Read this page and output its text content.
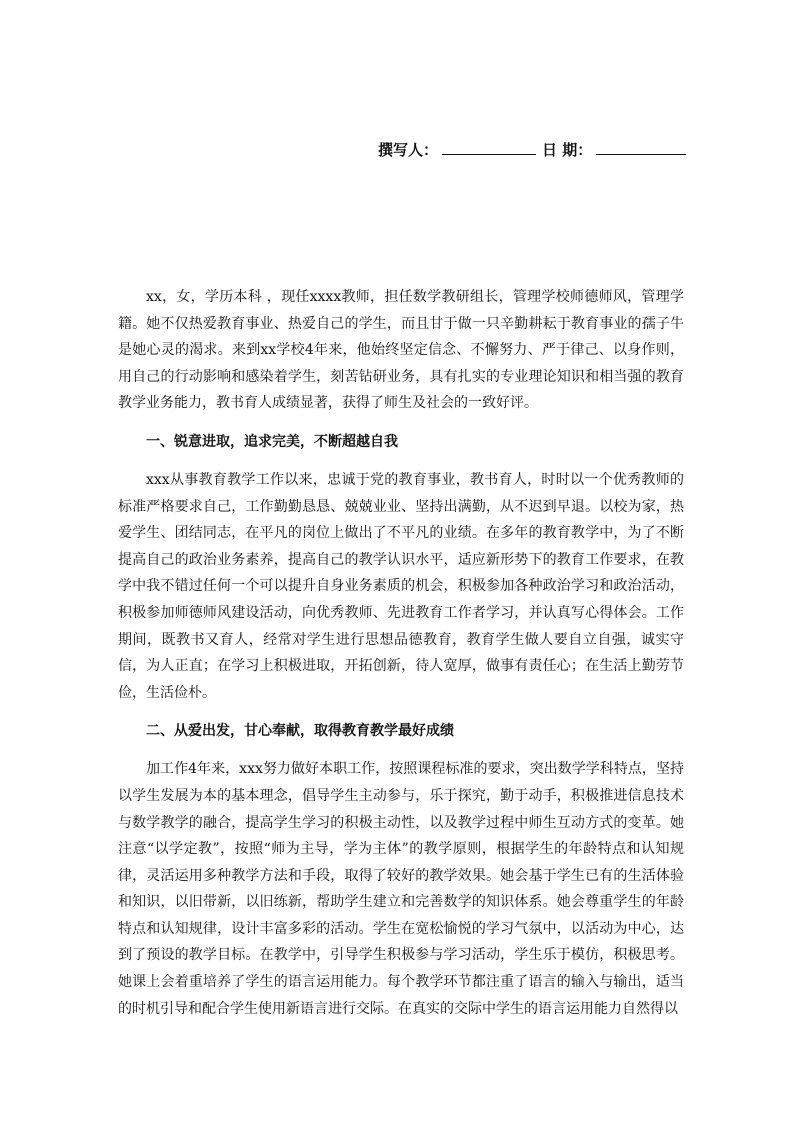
撰写人：	日 期：

xx，女，学历本科 ，现任xxxx教师，担任数学教研组长，管理学校师德师风，管理学籍。她不仅热爱教育事业、热爱自己的学生，而且甘于做一只辛勤耕耘于教育事业的孺子牛是她心灵的渴求。来到xx学校4年来，他始终坚定信念、不懈努力、严于律己、以身作则，用自己的行动影响和感染着学生，刻苦钻研业务，具有扎实的专业理论知识和相当强的教育教学业务能力，教书育人成绩显著，获得了师生及社会的一致好评。

一、锐意进取，追求完美，不断超越自我

xxx从事教育教学工作以来，忠诚于党的教育事业，教书育人，时时以一个优秀教师的标准严格要求自己，工作勤勤恳恳、兢兢业业、坚持出满勤，从不迟到早退。以校为家，热爱学生、团结同志，在平凡的岗位上做出了不平凡的业绩。在多年的教育教学中，为了不断提高自己的政治业务素养，提高自己的教学认识水平，适应新形势下的教育工作要求，在教学中我不错过任何一个可以提升自身业务素质的机会，积极参加各种政治学习和政治活动，积极参加师德师风建设活动，向优秀教师、先进教育工作者学习，并认真写心得体会。工作期间，既教书又育人，经常对学生进行思想品德教育，教育学生做人要自立自强，诚实守信，为人正直；在学习上积极进取，开拓创新，待人宽厚，做事有责任心；在生活上勤劳节俭，生活俭朴。

二、从爱出发，甘心奉献，取得教育教学最好成绩

加工作4年来，xxx努力做好本职工作，按照课程标准的要求，突出数学学科特点，坚持以学生发展为本的基本理念，倡导学生主动参与，乐于探究，勤于动手，积极推进信息技术与数学教学的融合，提高学生学习的积极主动性，以及教学过程中师生互动方式的变革。她注意“以学定教”，按照“师为主导，学为主体”的教学原则，根据学生的年龄特点和认知规律，灵活运用多种教学方法和手段，取得了较好的教学效果。她会基于学生已有的生活体验和知识，以旧带新，以旧练新，帮助学生建立和完善数学的知识体系。她会尊重学生的年龄特点和认知规律，设计丰富多彩的活动。学生在宽松愉悦的学习气氛中，以活动为中心，达到了预设的教学目标。在教学中，引导学生积极参与学习活动，学生乐于模仿，积极思考。她课上会着重培养了学生的语言运用能力。每个教学环节都注重了语言的输入与输出，适当的时机引导和配合学生使用新语言进行交际。在真实的交际中学生的语言运用能力自然得以
